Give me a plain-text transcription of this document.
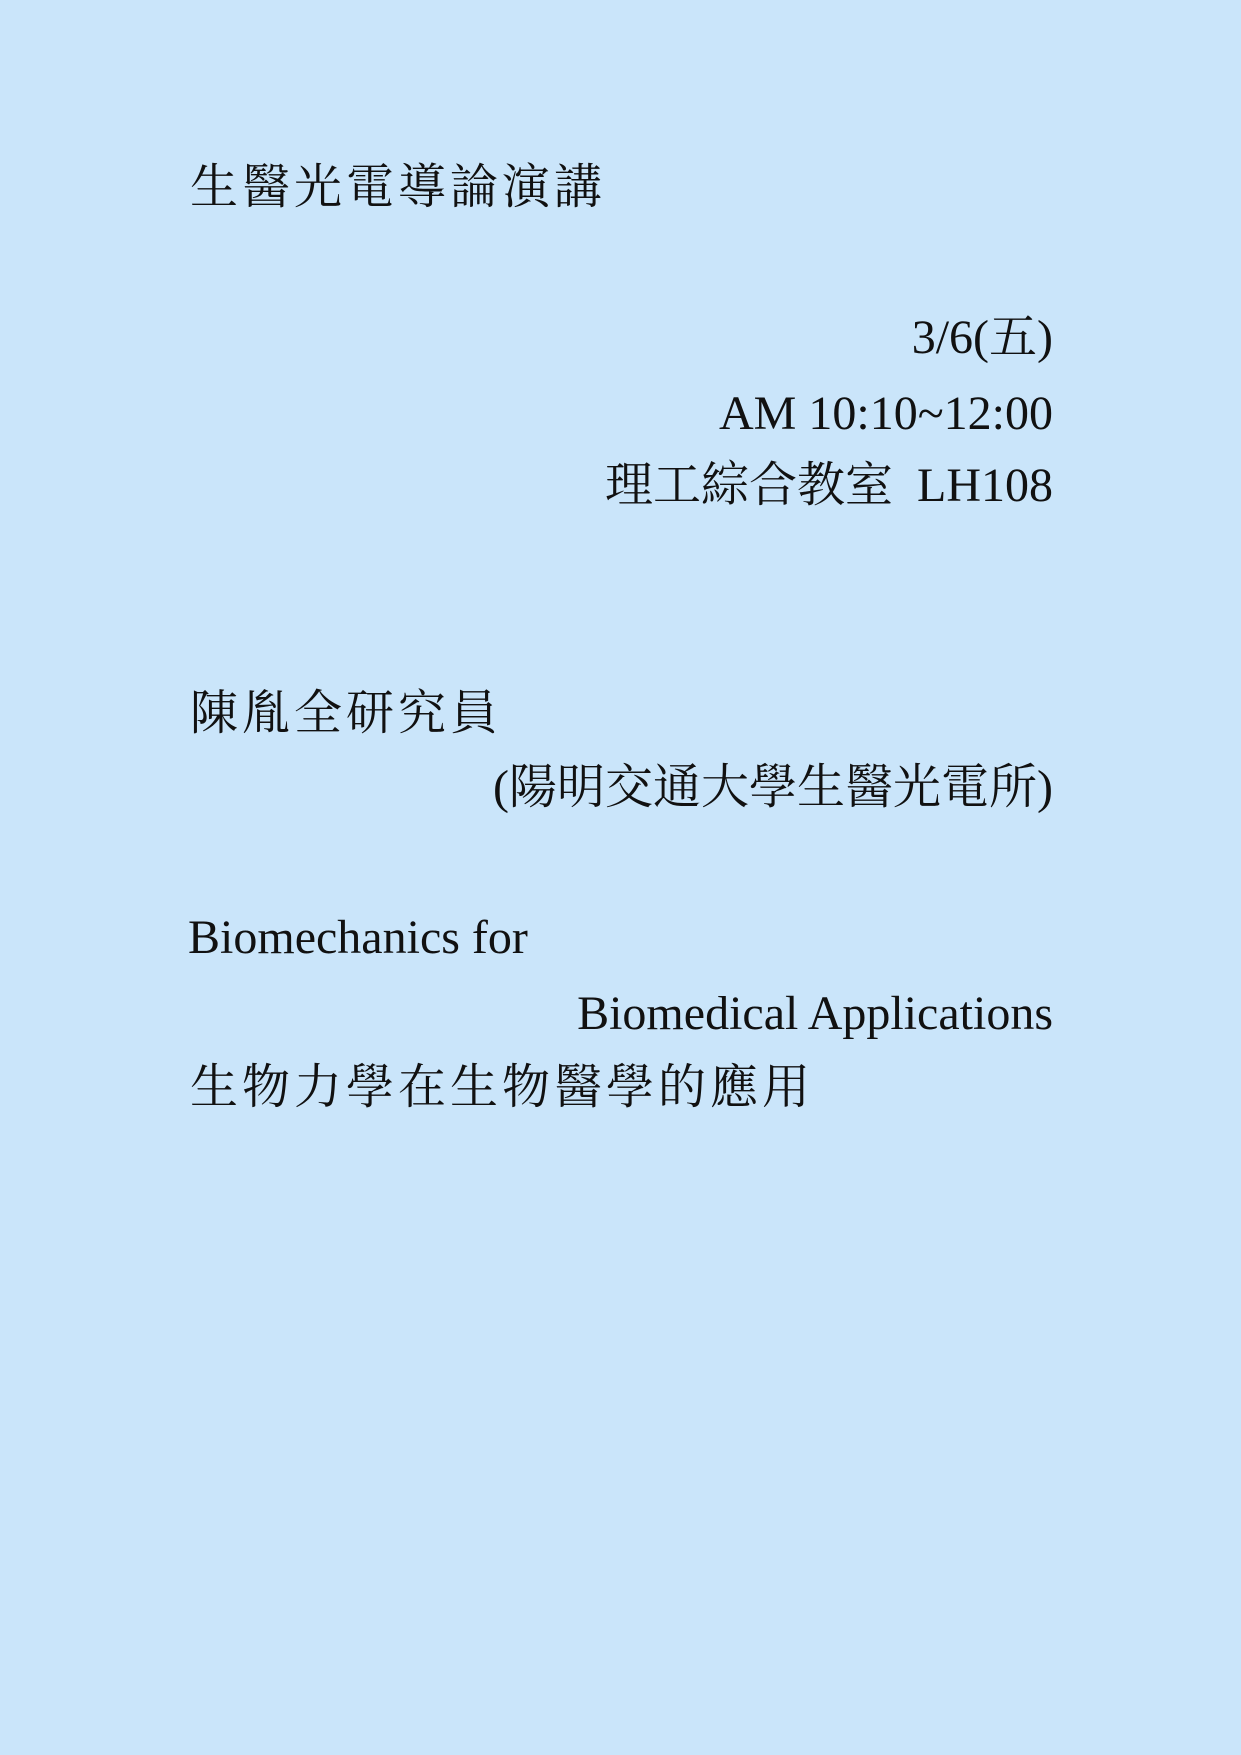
生醫光電導論演講
3/6(五)
AM 10:10~12:00
理工綜合教室  LH108
陳胤全研究員
(陽明交通大學生醫光電所)
Biomechanics for
Biomedical Applications
生物力學在生物醫學的應用
